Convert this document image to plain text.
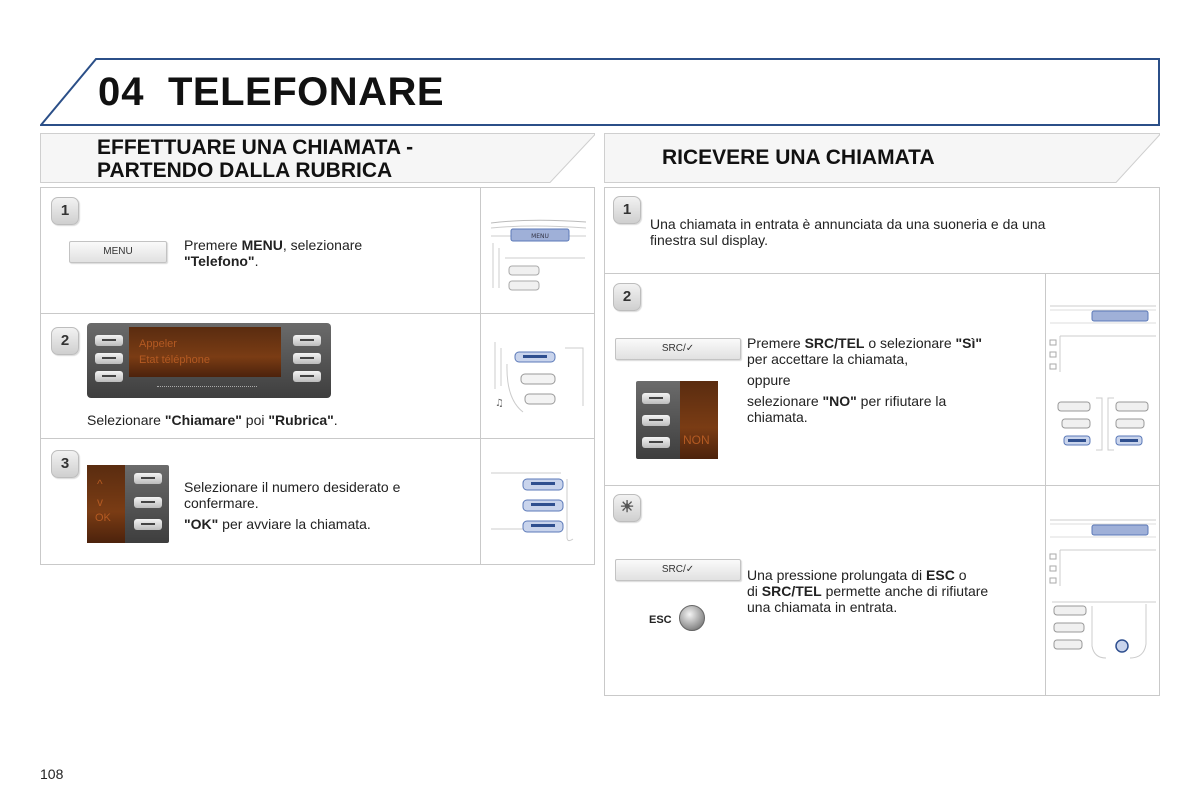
04 TELEFONARE
EFFETTUARE UNA CHIAMATA -
PARTENDO DALLA RUBRICA
RICEVERE UNA CHIAMATA
1
MENU	Premere MENU, selezionare
"Telefono".
MENU
2	Appeler
Etat téléphone
Selezionare "Chiamare" poi "Rubrica".
♫
3
^
v
OK
Selezionare il numero desiderato e
confermare.
"OK" per avviare la chiamata.
1
Una chiamata in entrata è annunciata da una suoneria e da una
finestra sul display.
2
SRC/✓
NON
Premere SRC/TEL o selezionare "Sì"
per accettare la chiamata,
oppure
selezionare "NO" per rifiutare la
chiamata.
☀
SRC/✓
ESC
Una pressione prolungata di ESC o
di SRC/TEL permette anche di rifiutare
una chiamata in entrata.
108
